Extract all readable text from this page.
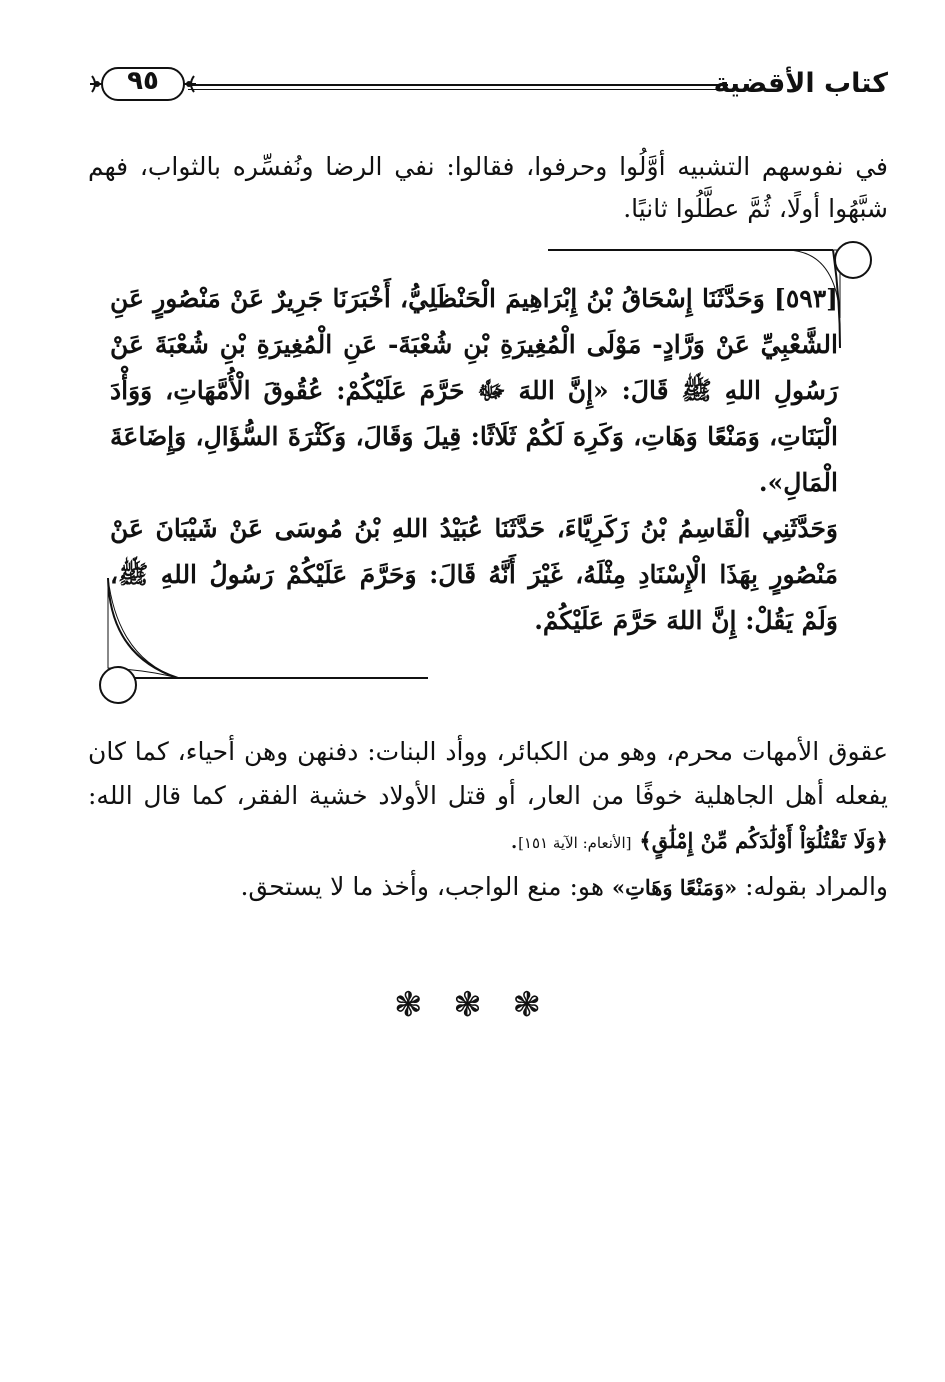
كتاب الأقضية
٩٥

في نفوسهم التشبيه أوَّلُوا وحرفوا، فقالوا: نفي الرضا ونُفسِّره بالثواب، فهم شبَّهُوا أولًا، ثُمَّ عطَّلُوا ثانيًا.

[٥٩٣] وَحَدَّثَنَا إِسْحَاقُ بْنُ إِبْرَاهِيمَ الْحَنْظَلِيُّ، أَخْبَرَنَا جَرِيرٌ عَنْ مَنْصُورٍ عَنِ الشَّعْبِيِّ عَنْ وَرَّادٍ- مَوْلَى الْمُغِيرَةِ بْنِ شُعْبَةَ- عَنِ الْمُغِيرَةِ بْنِ شُعْبَةَ عَنْ رَسُولِ اللهِ ﷺ قَالَ: «إِنَّ اللهَ ﷻ حَرَّمَ عَلَيْكُمْ: عُقُوقَ الْأُمَّهَاتِ، وَوَأْدَ الْبَنَاتِ، وَمَنْعًا وَهَاتِ، وَكَرِهَ لَكُمْ ثَلَاثًا: قِيلَ وَقَالَ، وَكَثْرَةَ السُّؤَالِ، وَإِضَاعَةَ الْمَالِ».

وَحَدَّثَنِي الْقَاسِمُ بْنُ زَكَرِيَّاءَ، حَدَّثَنَا عُبَيْدُ اللهِ بْنُ مُوسَى عَنْ شَيْبَانَ عَنْ مَنْصُورٍ بِهَذَا الْإِسْنَادِ مِثْلَهُ، غَيْرَ أَنَّهُ قَالَ: وَحَرَّمَ عَلَيْكُمْ رَسُولُ اللهِ ﷺ، وَلَمْ يَقُلْ: إِنَّ اللهَ حَرَّمَ عَلَيْكُمْ.

عقوق الأمهات محرم، وهو من الكبائر، ووأد البنات: دفنهن وهن أحياء، كما كان يفعله أهل الجاهلية خوفًا من العار، أو قتل الأولاد خشية الفقر، كما قال الله: ﴿وَلَا تَقْتُلُوٓاْ أَوْلَٰدَكُم مِّنْ إِمْلَٰقٍ﴾ [الأنعام: الآية ١٥١].

والمراد بقوله: «وَمَنْعًا وَهَاتِ» هو: منع الواجب، وأخذ ما لا يستحق.

❃ ❃ ❃
